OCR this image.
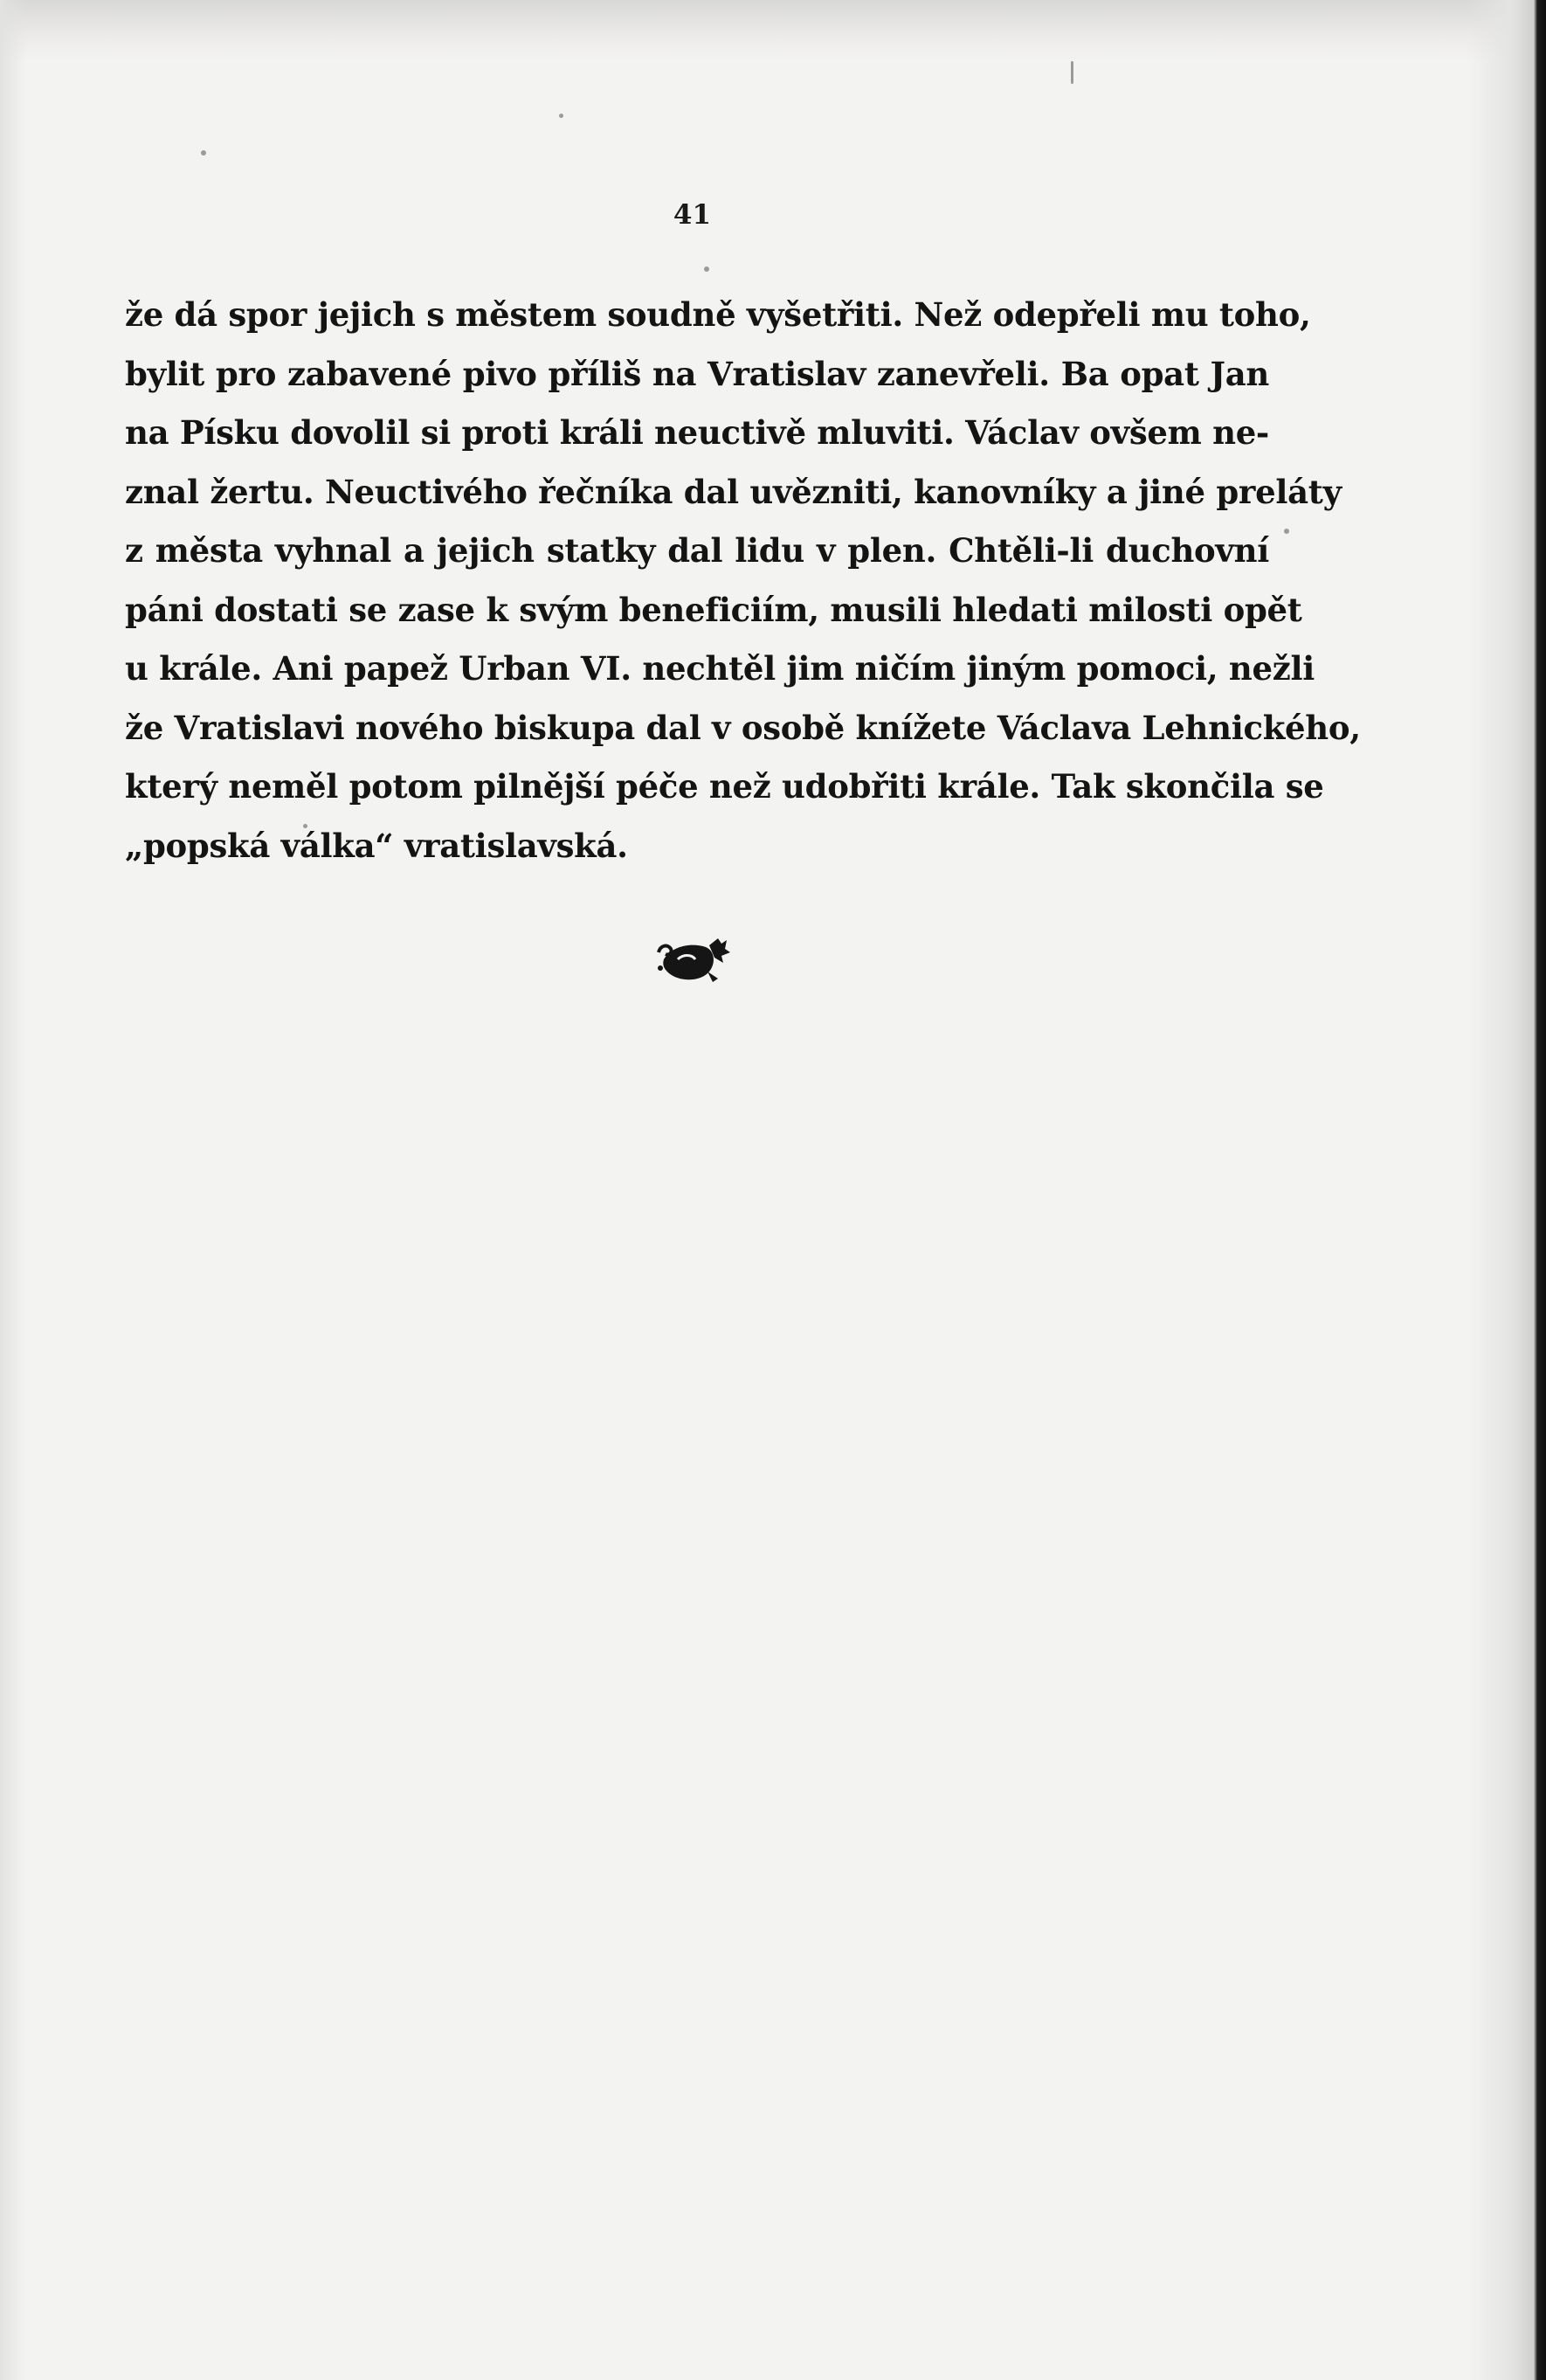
41
že dá spor jejich s městem soudně vyšetřiti. Než odepřeli mu toho,
bylit pro zabavené pivo příliš na Vratislav zanevřeli. Ba opat Jan
na Písku dovolil si proti králi neuctivě mluviti. Václav ovšem ne-
znal žertu. Neuctivého řečníka dal uvězniti, kanovníky a jiné preláty
z města vyhnal a jejich statky dal lidu v plen. Chtěli-li duchovní
páni dostati se zase k svým beneficiím, musili hledati milosti opět
u krále. Ani papež Urban VI. nechtěl jim ničím jiným pomoci, nežli
že Vratislavi nového biskupa dal v osobě knížete Václava Lehnického,
který neměl potom pilnější péče než udobřiti krále. Tak skončila se
„popská válka“ vratislavská.
